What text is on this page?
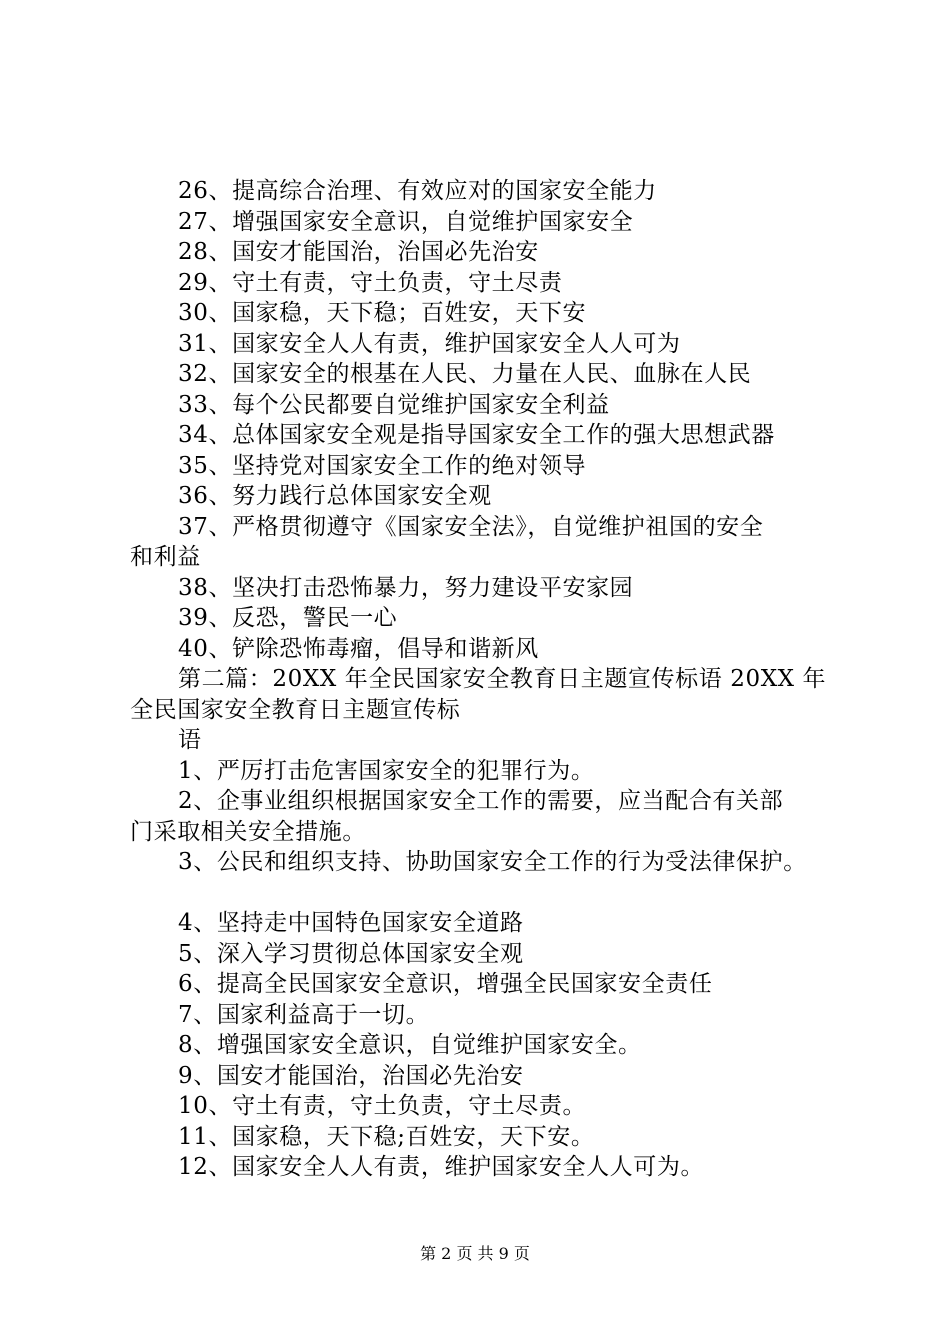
26、提高综合治理、有效应对的国家安全能力
27、增强国家安全意识，自觉维护国家安全
28、国安才能国治，治国必先治安
29、守土有责，守土负责，守土尽责
30、国家稳，天下稳；百姓安，天下安
31、国家安全人人有责，维护国家安全人人可为
32、国家安全的根基在人民、力量在人民、血脉在人民
33、每个公民都要自觉维护国家安全利益
34、总体国家安全观是指导国家安全工作的强大思想武器
35、坚持党对国家安全工作的绝对领导
36、努力践行总体国家安全观
37、严格贯彻遵守《国家安全法》，自觉维护祖国的安全
和利益
38、坚决打击恐怖暴力，努力建设平安家园
39、反恐，警民一心
40、铲除恐怖毒瘤，倡导和谐新风
第二篇：20XX 年全民国家安全教育日主题宣传标语 20XX 年
全民国家安全教育日主题宣传标
语
1、严厉打击危害国家安全的犯罪行为。
2、企事业组织根据国家安全工作的需要，应当配合有关部
门采取相关安全措施。
3、公民和组织支持、协助国家安全工作的行为受法律保护。
4、坚持走中国特色国家安全道路
5、深入学习贯彻总体国家安全观
6、提高全民国家安全意识，增强全民国家安全责任
7、国家利益高于一切。
8、增强国家安全意识，自觉维护国家安全。
9、国安才能国治，治国必先治安
10、守土有责，守土负责，守土尽责。
11、国家稳，天下稳;百姓安，天下安。
12、国家安全人人有责，维护国家安全人人可为。
第 2 页 共 9 页
